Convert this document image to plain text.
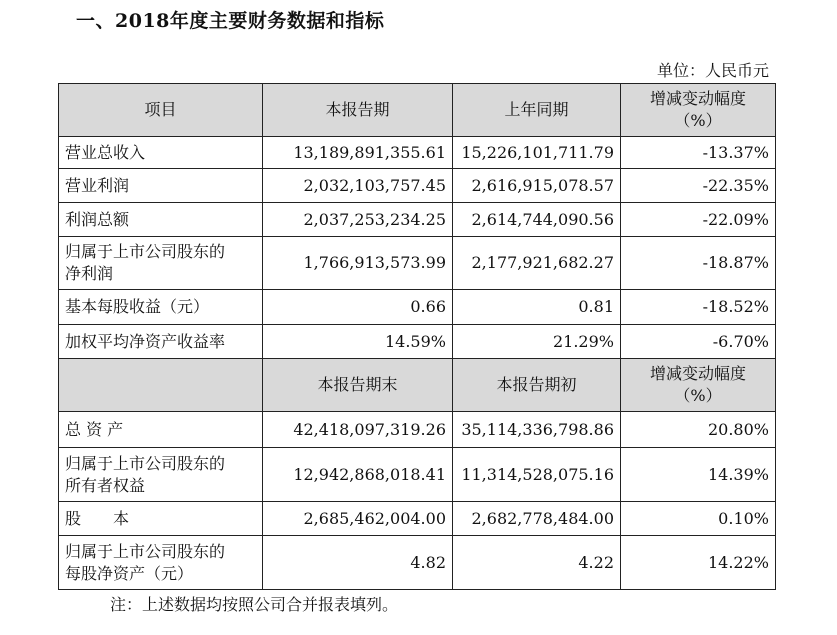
一、2018年度主要财务数据和指标
单位：人民币元
项目	本报告期	上年同期	增减变动幅度
（%）

营业总收入	13,189,891,355.61	15,226,101,711.79	-13.37%
营业利润	2,032,103,757.45	2,616,915,078.57	-22.35%
利润总额	2,037,253,234.25	2,614,744,090.56	-22.09%

归属于上市公司股东的
净利润	1,766,913,573.99	2,177,921,682.27	-18.87%
基本每股收益（元）	0.66	0.81	-18.52%
加权平均净资产收益率	14.59%	21.29%	-6.70%
	本报告期末	本报告期初	增减变动幅度
（%）

总 资 产	42,418,097,319.26	35,114,336,798.86	20.80%

归属于上市公司股东的
所有者权益	12,942,868,018.41	11,314,528,075.16	14.39%
股　　本	2,685,462,004.00	2,682,778,484.00	0.10%

归属于上市公司股东的
每股净资产（元）	4.82	4.22	14.22%
注：上述数据均按照公司合并报表填列。
